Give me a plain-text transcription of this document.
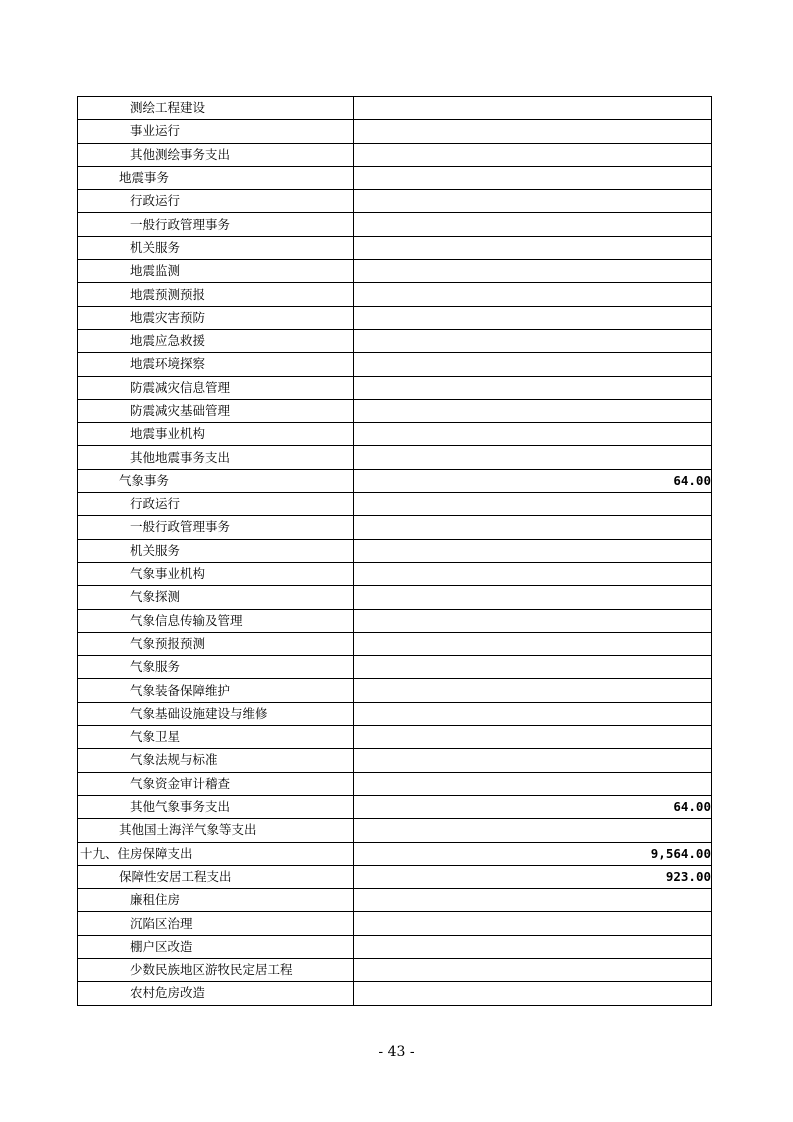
测绘工程建设	
事业运行	
其他测绘事务支出	
地震事务	
行政运行	
一般行政管理事务	
机关服务	
地震监测	
地震预测预报	
地震灾害预防	
地震应急救援	
地震环境探察	
防震减灾信息管理	
防震减灾基础管理	
地震事业机构	
其他地震事务支出	
气象事务	64.00
行政运行	
一般行政管理事务	
机关服务	
气象事业机构	
气象探测	
气象信息传输及管理	
气象预报预测	
气象服务	
气象装备保障维护	
气象基础设施建设与维修	
气象卫星	
气象法规与标准	
气象资金审计稽查	
其他气象事务支出	64.00
其他国土海洋气象等支出	
十九、住房保障支出	9,564.00
保障性安居工程支出	923.00
廉租住房	
沉陷区治理	
棚户区改造	
少数民族地区游牧民定居工程	
农村危房改造	
- 43 -
